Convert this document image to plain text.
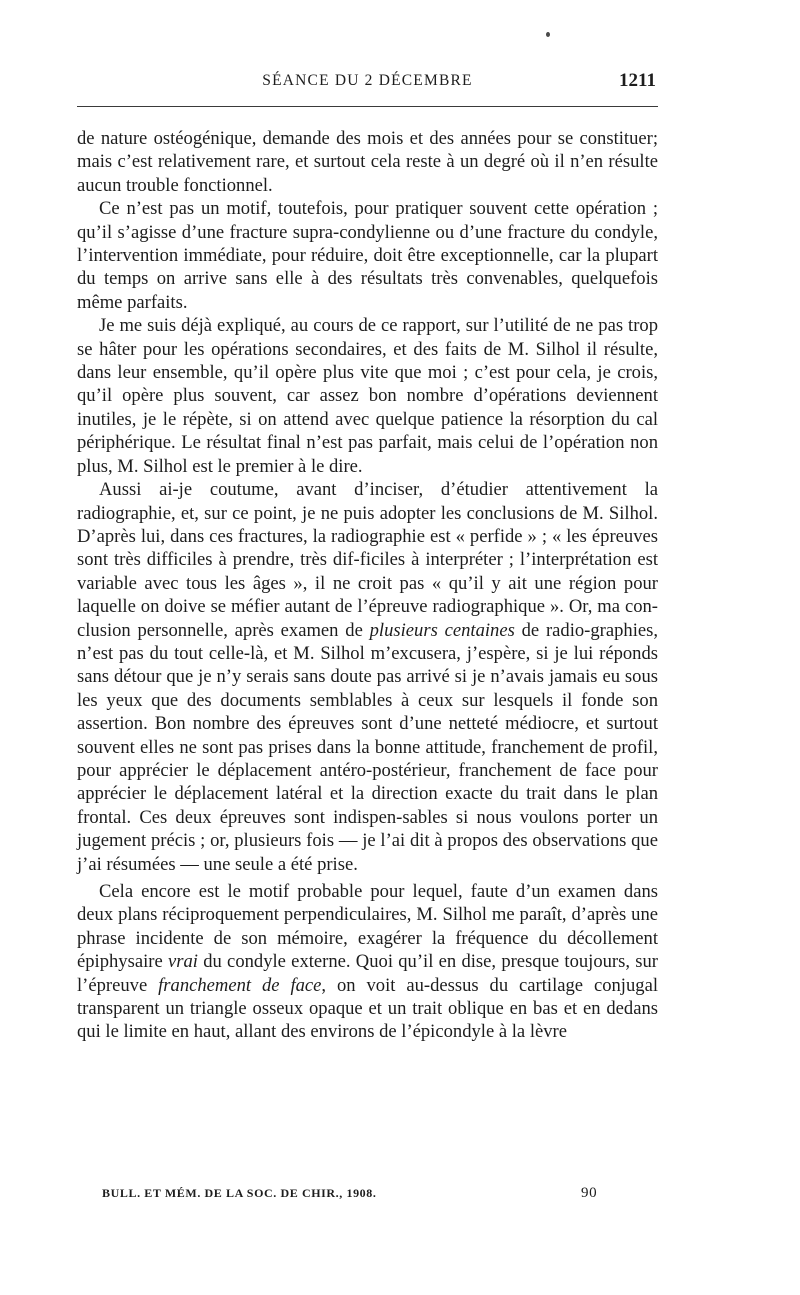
SÉANCE DU 2 DÉCEMBRE	1211

de nature ostéogénique, demande des mois et des années pour se constituer; mais c’est relativement rare, et surtout cela reste à un degré où il n’en résulte aucun trouble fonctionnel.

Ce n’est pas un motif, toutefois, pour pratiquer souvent cette opération ; qu’il s’agisse d’une fracture supra-condylienne ou d’une fracture du condyle, l’intervention immédiate, pour réduire, doit être exceptionnelle, car la plupart du temps on arrive sans elle à des résultats très convenables, quelquefois même parfaits.

Je me suis déjà expliqué, au cours de ce rapport, sur l’utilité de ne pas trop se hâter pour les opérations secondaires, et des faits de M. Silhol il résulte, dans leur ensemble, qu’il opère plus vite que moi ; c’est pour cela, je crois, qu’il opère plus souvent, car assez bon nombre d’opérations deviennent inutiles, je le répète, si on attend avec quelque patience la résorption du cal périphérique. Le résultat final n’est pas parfait, mais celui de l’opération non plus, M. Silhol est le premier à le dire.

Aussi ai-je coutume, avant d’inciser, d’étudier attentivement la radiographie, et, sur ce point, je ne puis adopter les conclusions de M. Silhol. D’après lui, dans ces fractures, la radiographie est « perfide » ; « les épreuves sont très difficiles à prendre, très dif-ficiles à interpréter ; l’interprétation est variable avec tous les âges », il ne croit pas « qu’il y ait une région pour laquelle on doive se méfier autant de l’épreuve radiographique ». Or, ma con-clusion personnelle, après examen de plusieurs centaines de radio-graphies, n’est pas du tout celle-là, et M. Silhol m’excusera, j’espère, si je lui réponds sans détour que je n’y serais sans doute pas arrivé si je n’avais jamais eu sous les yeux que des documents semblables à ceux sur lesquels il fonde son assertion. Bon nombre des épreuves sont d’une netteté médiocre, et surtout souvent elles ne sont pas prises dans la bonne attitude, franchement de profil, pour apprécier le déplacement antéro-postérieur, franchement de face pour apprécier le déplacement latéral et la direction exacte du trait dans le plan frontal. Ces deux épreuves sont indispen-sables si nous voulons porter un jugement précis ; or, plusieurs fois — je l’ai dit à propos des observations que j’ai résumées — une seule a été prise.

Cela encore est le motif probable pour lequel, faute d’un examen dans deux plans réciproquement perpendiculaires, M. Silhol me paraît, d’après une phrase incidente de son mémoire, exagérer la fréquence du décollement épiphysaire vrai du condyle externe. Quoi qu’il en dise, presque toujours, sur l’épreuve franchement de face, on voit au-dessus du cartilage conjugal transparent un triangle osseux opaque et un trait oblique en bas et en dedans qui le limite en haut, allant des environs de l’épicondyle à la lèvre

BULL. ET MÉM. DE LA SOC. DE CHIR., 1908.	90
